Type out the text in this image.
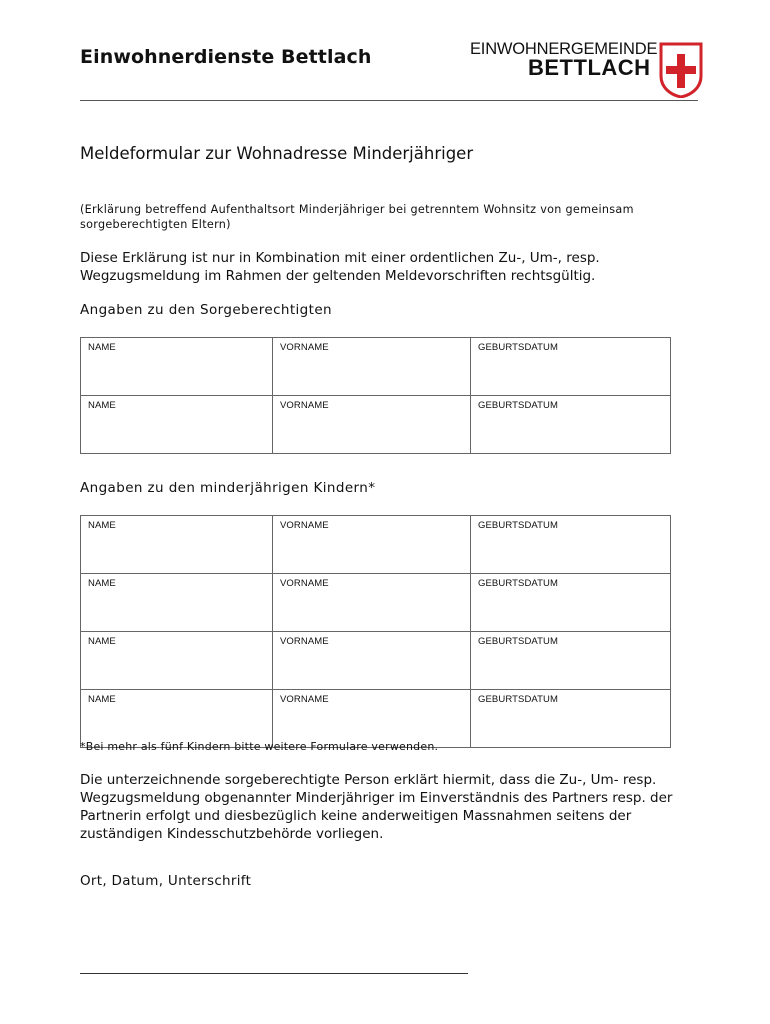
Einwohnerdienste Bettlach	EINWOHNERGEMEINDE
BETTLACH
Meldeformular zur Wohnadresse Minderjähriger
(Erklärung betreffend Aufenthaltsort Minderjähriger bei getrenntem Wohnsitz von gemeinsam sorgeberechtigten Eltern)
Diese Erklärung ist nur in Kombination mit einer ordentlichen Zu-, Um-, resp. Wegzugsmeldung im Rahmen der geltenden Meldevorschriften rechtsgültig.
Angaben zu den Sorgeberechtigten
NAME	VORNAME	GEBURTSDATUM
NAME	VORNAME	GEBURTSDATUM
Angaben zu den minderjährigen Kindern*
NAME	VORNAME	GEBURTSDATUM
NAME	VORNAME	GEBURTSDATUM
NAME	VORNAME	GEBURTSDATUM
NAME	VORNAME	GEBURTSDATUM
*Bei mehr als fünf Kindern bitte weitere Formulare verwenden.
Die unterzeichnende sorgeberechtigte Person erklärt hiermit, dass die Zu-, Um- resp. Wegzugsmeldung obgenannter Minderjähriger im Einverständnis des Partners resp. der Partnerin erfolgt und diesbezüglich keine anderweitigen Massnahmen seitens der zuständigen Kindesschutzbehörde vorliegen.
Ort, Datum, Unterschrift
